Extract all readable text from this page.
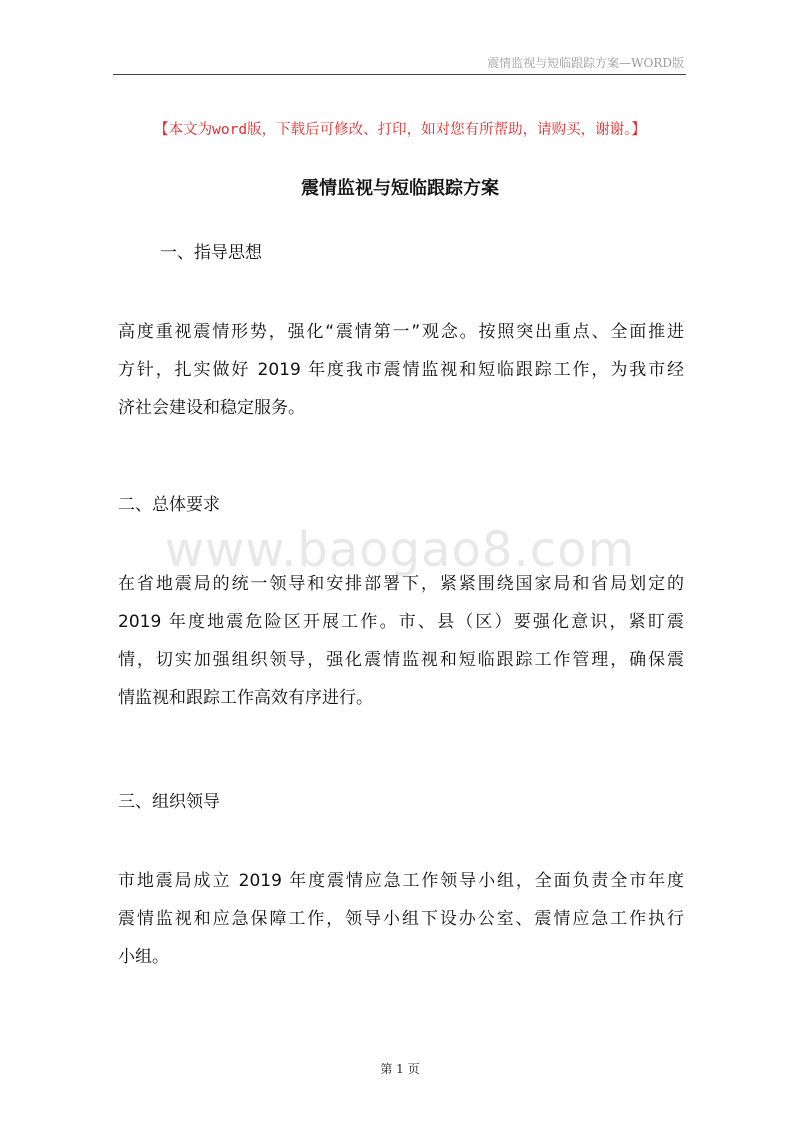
震情监视与短临跟踪方案—WORD版
【本文为word版，下载后可修改、打印，如对您有所帮助，请购买，谢谢。】
震情监视与短临跟踪方案
一、指导思想
高度重视震情形势，强化“震情第一”观念。按照突出重点、全面推进
方针，扎实做好 2019 年度我市震情监视和短临跟踪工作，为我市经
济社会建设和稳定服务。
二、总体要求
www.baogao8.com
在省地震局的统一领导和安排部署下，紧紧围绕国家局和省局划定的
2019 年度地震危险区开展工作。市、县（区）要强化意识，紧盯震
情，切实加强组织领导，强化震情监视和短临跟踪工作管理，确保震
情监视和跟踪工作高效有序进行。
三、组织领导
市地震局成立 2019 年度震情应急工作领导小组，全面负责全市年度
震情监视和应急保障工作，领导小组下设办公室、震情应急工作执行
小组。
第 1 页
